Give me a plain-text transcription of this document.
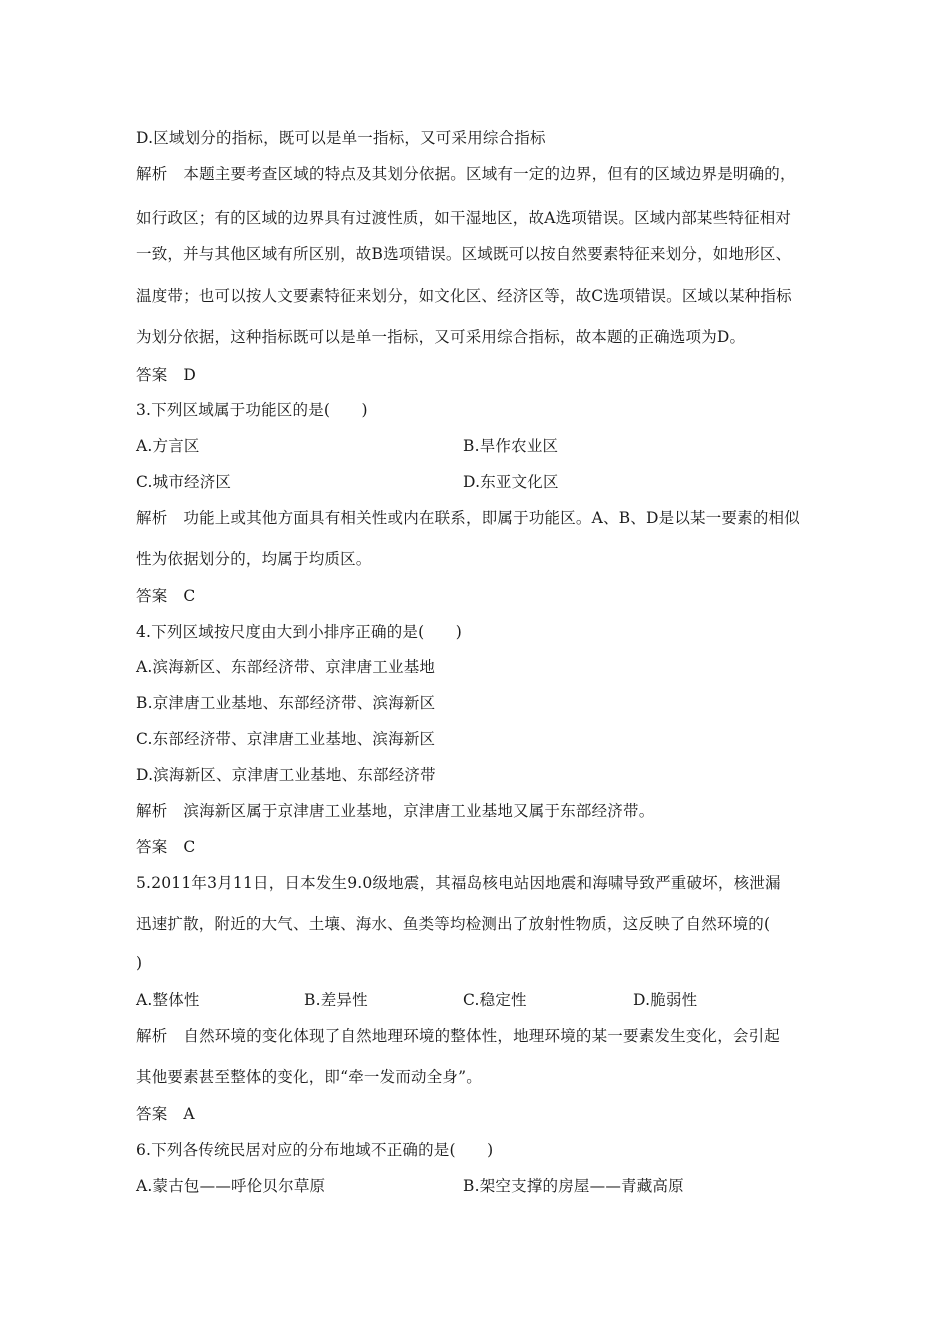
D.区域划分的指标，既可以是单一指标，又可采用综合指标
解析 本题主要考查区域的特点及其划分依据。区域有一定的边界，但有的区域边界是明确的，
如行政区；有的区域的边界具有过渡性质，如干湿地区，故A选项错误。区域内部某些特征相对
一致，并与其他区域有所区别，故B选项错误。区域既可以按自然要素特征来划分，如地形区、
温度带；也可以按人文要素特征来划分，如文化区、经济区等，故C选项错误。区域以某种指标
为划分依据，这种指标既可以是单一指标，又可采用综合指标，故本题的正确选项为D。
答案 D
3.下列区域属于功能区的是(　　)
A.方言区	B.旱作农业区
C.城市经济区	D.东亚文化区
解析 功能上或其他方面具有相关性或内在联系，即属于功能区。A、B、D是以某一要素的相似
性为依据划分的，均属于均质区。
答案 C
4.下列区域按尺度由大到小排序正确的是(　　)
A.滨海新区、东部经济带、京津唐工业基地
B.京津唐工业基地、东部经济带、滨海新区
C.东部经济带、京津唐工业基地、滨海新区
D.滨海新区、京津唐工业基地、东部经济带
解析 滨海新区属于京津唐工业基地，京津唐工业基地又属于东部经济带。
答案 C
5.2011年3月11日，日本发生9.0级地震，其福岛核电站因地震和海啸导致严重破坏，核泄漏
迅速扩散，附近的大气、土壤、海水、鱼类等均检测出了放射性物质，这反映了自然环境的(
)
A.整体性	B.差异性	C.稳定性	D.脆弱性
解析 自然环境的变化体现了自然地理环境的整体性，地理环境的某一要素发生变化，会引起
其他要素甚至整体的变化，即“牵一发而动全身”。
答案 A
6.下列各传统民居对应的分布地域不正确的是(　　)
A.蒙古包——呼伦贝尔草原	B.架空支撑的房屋——青藏高原
